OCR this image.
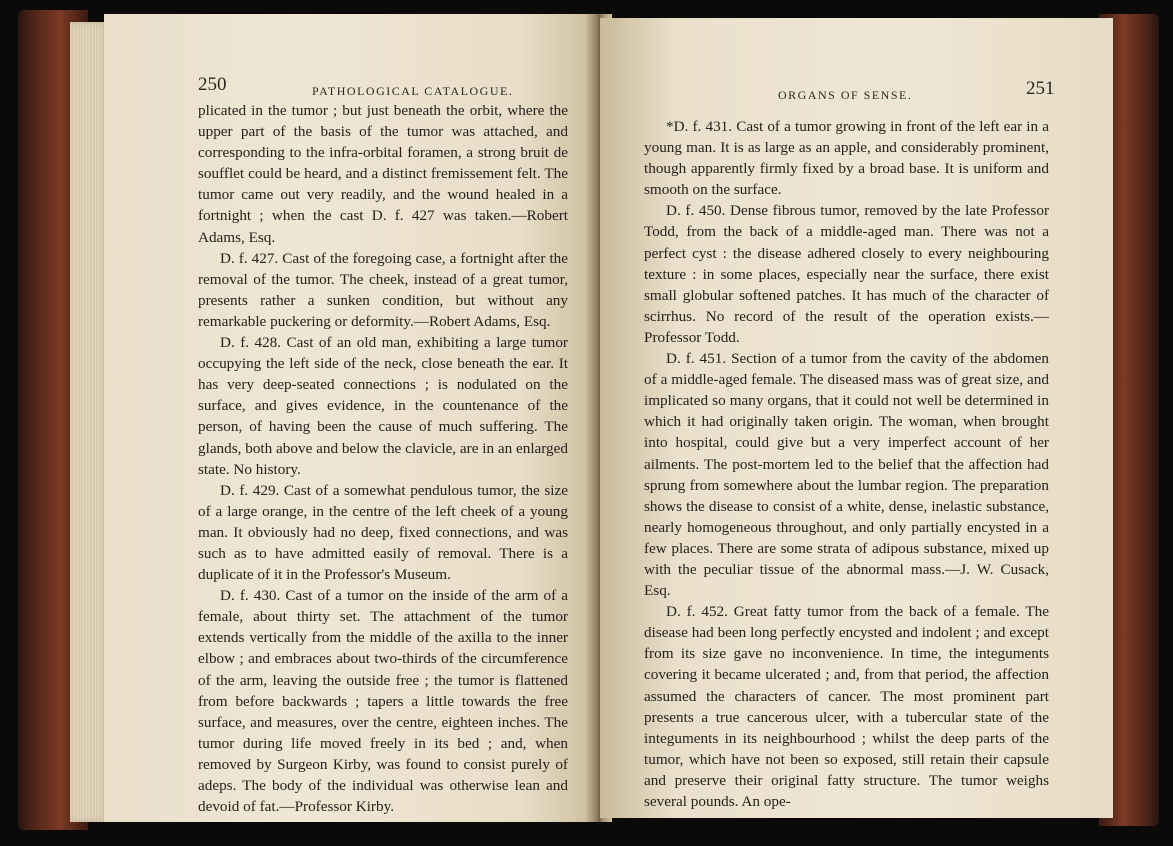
250	PATHOLOGICAL CATALOGUE.

plicated in the tumor ; but just beneath the orbit, where the upper part of the basis of the tumor was attached, and corresponding to the infra-orbital foramen, a strong bruit de soufflet could be heard, and a distinct fremissement felt. The tumor came out very readily, and the wound healed in a fortnight ; when the cast D. f. 427 was taken.—Robert Adams, Esq.

D. f. 427. Cast of the foregoing case, a fortnight after the removal of the tumor. The cheek, instead of a great tumor, presents rather a sunken condition, but without any remarkable puckering or deformity.—Robert Adams, Esq.

D. f. 428. Cast of an old man, exhibiting a large tumor occupying the left side of the neck, close beneath the ear. It has very deep-seated connections ; is nodulated on the surface, and gives evidence, in the countenance of the person, of having been the cause of much suffering. The glands, both above and below the clavicle, are in an enlarged state. No history.

D. f. 429. Cast of a somewhat pendulous tumor, the size of a large orange, in the centre of the left cheek of a young man. It obviously had no deep, fixed connections, and was such as to have admitted easily of removal. There is a duplicate of it in the Professor's Museum.

D. f. 430. Cast of a tumor on the inside of the arm of a female, about thirty set. The attachment of the tumor extends vertically from the middle of the axilla to the inner elbow ; and embraces about two-thirds of the circumference of the arm, leaving the outside free ; the tumor is flattened from before backwards ; tapers a little towards the free surface, and measures, over the centre, eighteen inches. The tumor during life moved freely in its bed ; and, when removed by Surgeon Kirby, was found to consist purely of adeps. The body of the individual was otherwise lean and devoid of fat.—Professor Kirby.

ORGANS OF SENSE.	251

*D. f. 431. Cast of a tumor growing in front of the left ear in a young man. It is as large as an apple, and considerably prominent, though apparently firmly fixed by a broad base. It is uniform and smooth on the surface.

D. f. 450. Dense fibrous tumor, removed by the late Professor Todd, from the back of a middle-aged man. There was not a perfect cyst : the disease adhered closely to every neighbouring texture : in some places, especially near the surface, there exist small globular softened patches. It has much of the character of scirrhus. No record of the result of the operation exists.—Professor Todd.

D. f. 451. Section of a tumor from the cavity of the abdomen of a middle-aged female. The diseased mass was of great size, and implicated so many organs, that it could not well be determined in which it had originally taken origin. The woman, when brought into hospital, could give but a very imperfect account of her ailments. The post-mortem led to the belief that the affection had sprung from somewhere about the lumbar region. The preparation shows the disease to consist of a white, dense, inelastic substance, nearly homogeneous throughout, and only partially encysted in a few places. There are some strata of adipous substance, mixed up with the peculiar tissue of the abnormal mass.—J. W. Cusack, Esq.

D. f. 452. Great fatty tumor from the back of a female. The disease had been long perfectly encysted and indolent ; and except from its size gave no inconvenience. In time, the integuments covering it became ulcerated ; and, from that period, the affection assumed the characters of cancer. The most prominent part presents a true cancerous ulcer, with a tubercular state of the integuments in its neighbourhood ; whilst the deep parts of the tumor, which have not been so exposed, still retain their capsule and preserve their original fatty structure. The tumor weighs several pounds. An ope-
